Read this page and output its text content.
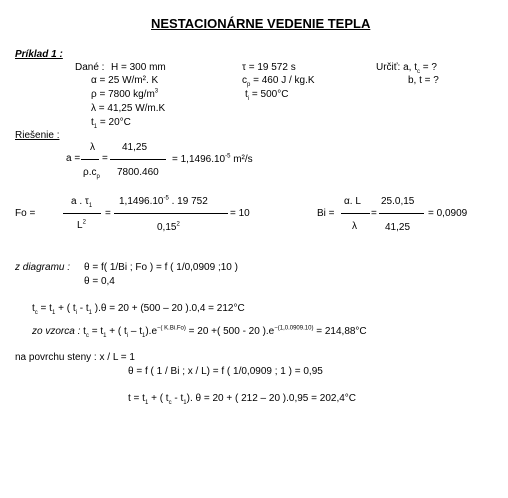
NESTACIONÁRNE VEDENIE TEPLA
Príklad 1 :
Dané : H = 300 mm
α = 25 W/m². K
ρ = 7800 $kg/m^3$
λ = 41,25 W/m.K
$t_1 = 20^\circ C$
τ = 19 572 s
$c_p = 460$ J / kg.K
$t_i = 500^\circ C$
Určiť: a, $t_c$ = ?
b, t = ?
Riešenie :
a =
λ
$\rho.c_p$
=
41,25
7800.460
= $1,1496.10^{-5}$ m²/s
Fo =
a . $\tau_1$
$L^2$
=
$1,1496.10^{-5}$ . 19 752
$0,15^2$
= 10	Bi =
α. L
λ
=
25.0,15
41,25
= 0,0909
z diagramu : θ = f( 1/Bi ; Fo ) = f ( 1/0,0909 ;10 )
θ = 0,4
$t_c = t_1$ + ( $t_i - t_1$ ).θ = 20 + (500 – 20 ).0,4 = 212°C
zo vzorca : $t_c = t_1$ + ( $t_i - t_1).e^{-( K.Bi.Fo)} = 20$ +( 500 - 20 )$.e^{-(1,0.0909.10)} = 214,88^\circ C$
na povrchu steny : x / L = 1
θ = f ( 1 / Bi ; x / L) = f ( 1/0,0909 ; 1 ) = 0,95
$t = t_1$ + ( $t_c - t_1$). θ = 20 + ( 212 – 20 ).0,95 = 202,4°C
